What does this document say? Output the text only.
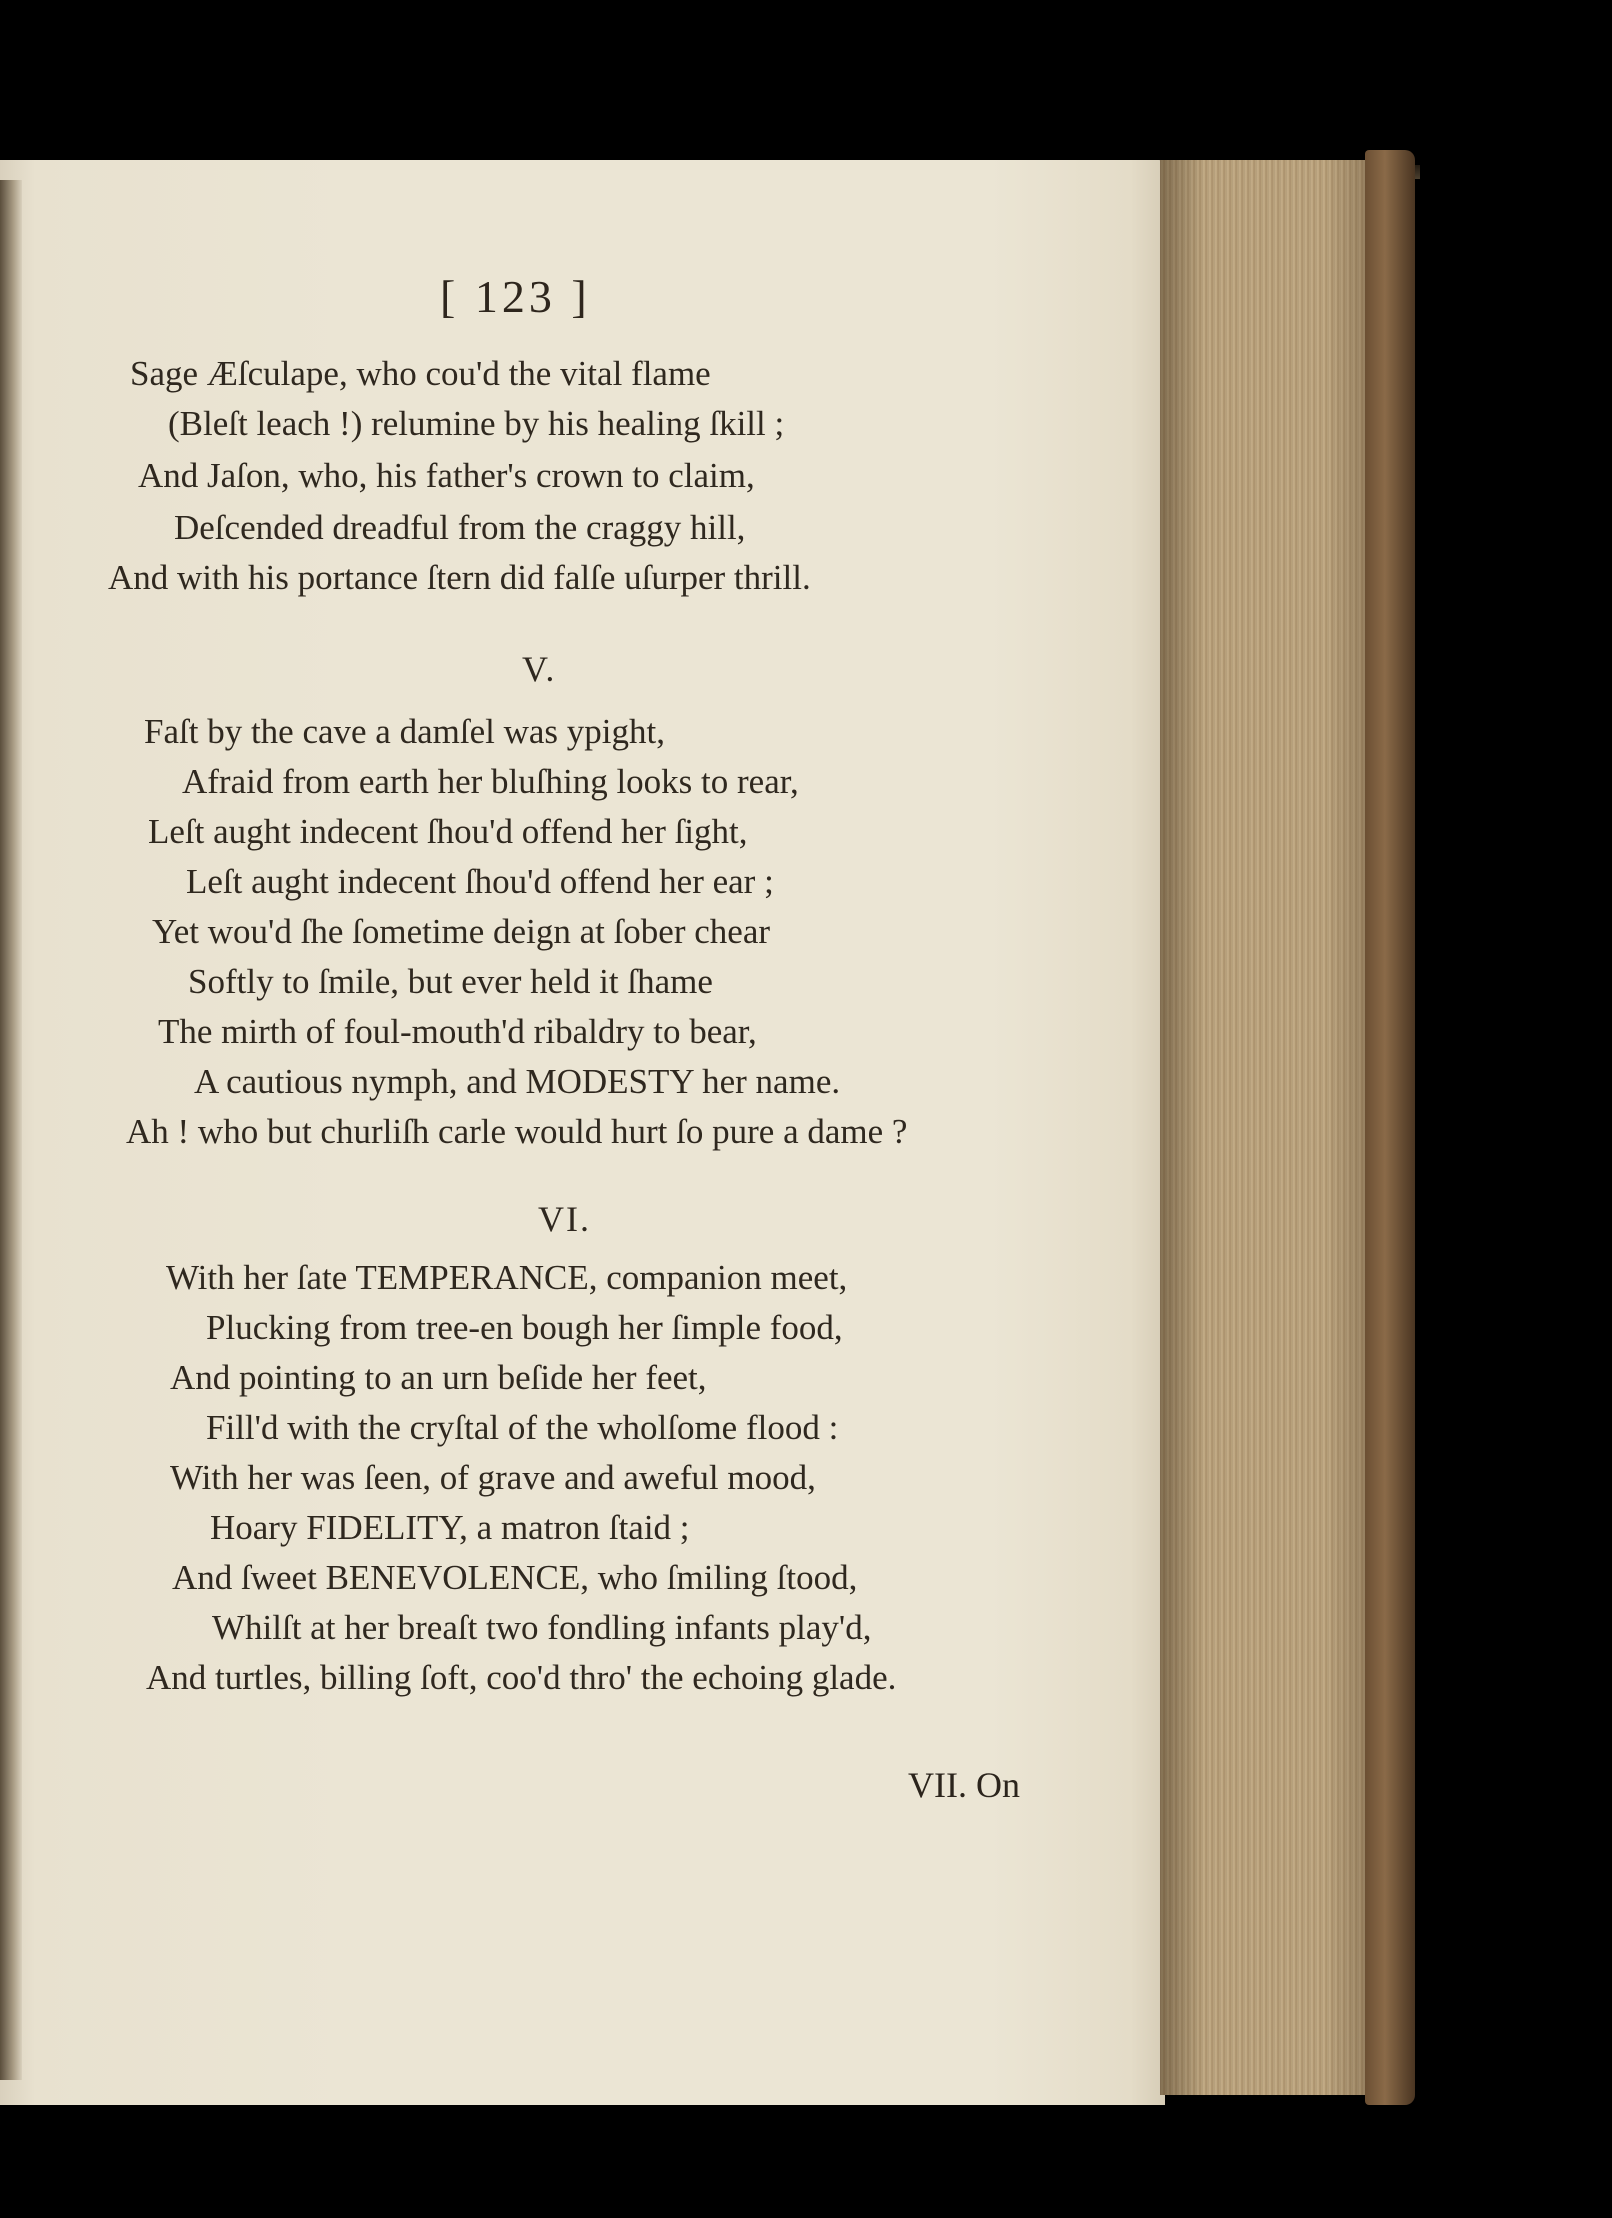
[ 123 ]
Sage Æſculape, who cou'd the vital flame
(Bleſt leach !) relumine by his healing ſkill ;
And Jaſon, who, his father's crown to claim,
Deſcended dreadful from the craggy hill,
And with his portance ſtern did falſe uſurper thrill.
V.
Faſt by the cave a damſel was ypight,
Afraid from earth her bluſhing looks to rear,
Leſt aught indecent ſhou'd offend her ſight,
Leſt aught indecent ſhou'd offend her ear ;
Yet wou'd ſhe ſometime deign at ſober chear
Softly to ſmile, but ever held it ſhame
The mirth of foul-mouth'd ribaldry to bear,
A cautious nymph, and MODESTY her name.
Ah ! who but churliſh carle would hurt ſo pure a dame ?
VI.
With her ſate TEMPERANCE, companion meet,
Plucking from tree-en bough her ſimple food,
And pointing to an urn beſide her feet,
Fill'd with the cryſtal of the wholſome flood :
With her was ſeen, of grave and aweful mood,
Hoary FIDELITY, a matron ſtaid ;
And ſweet BENEVOLENCE, who ſmiling ſtood,
Whilſt at her breaſt two fondling infants play'd,
And turtles, billing ſoft, coo'd thro' the echoing glade.
VII. On
